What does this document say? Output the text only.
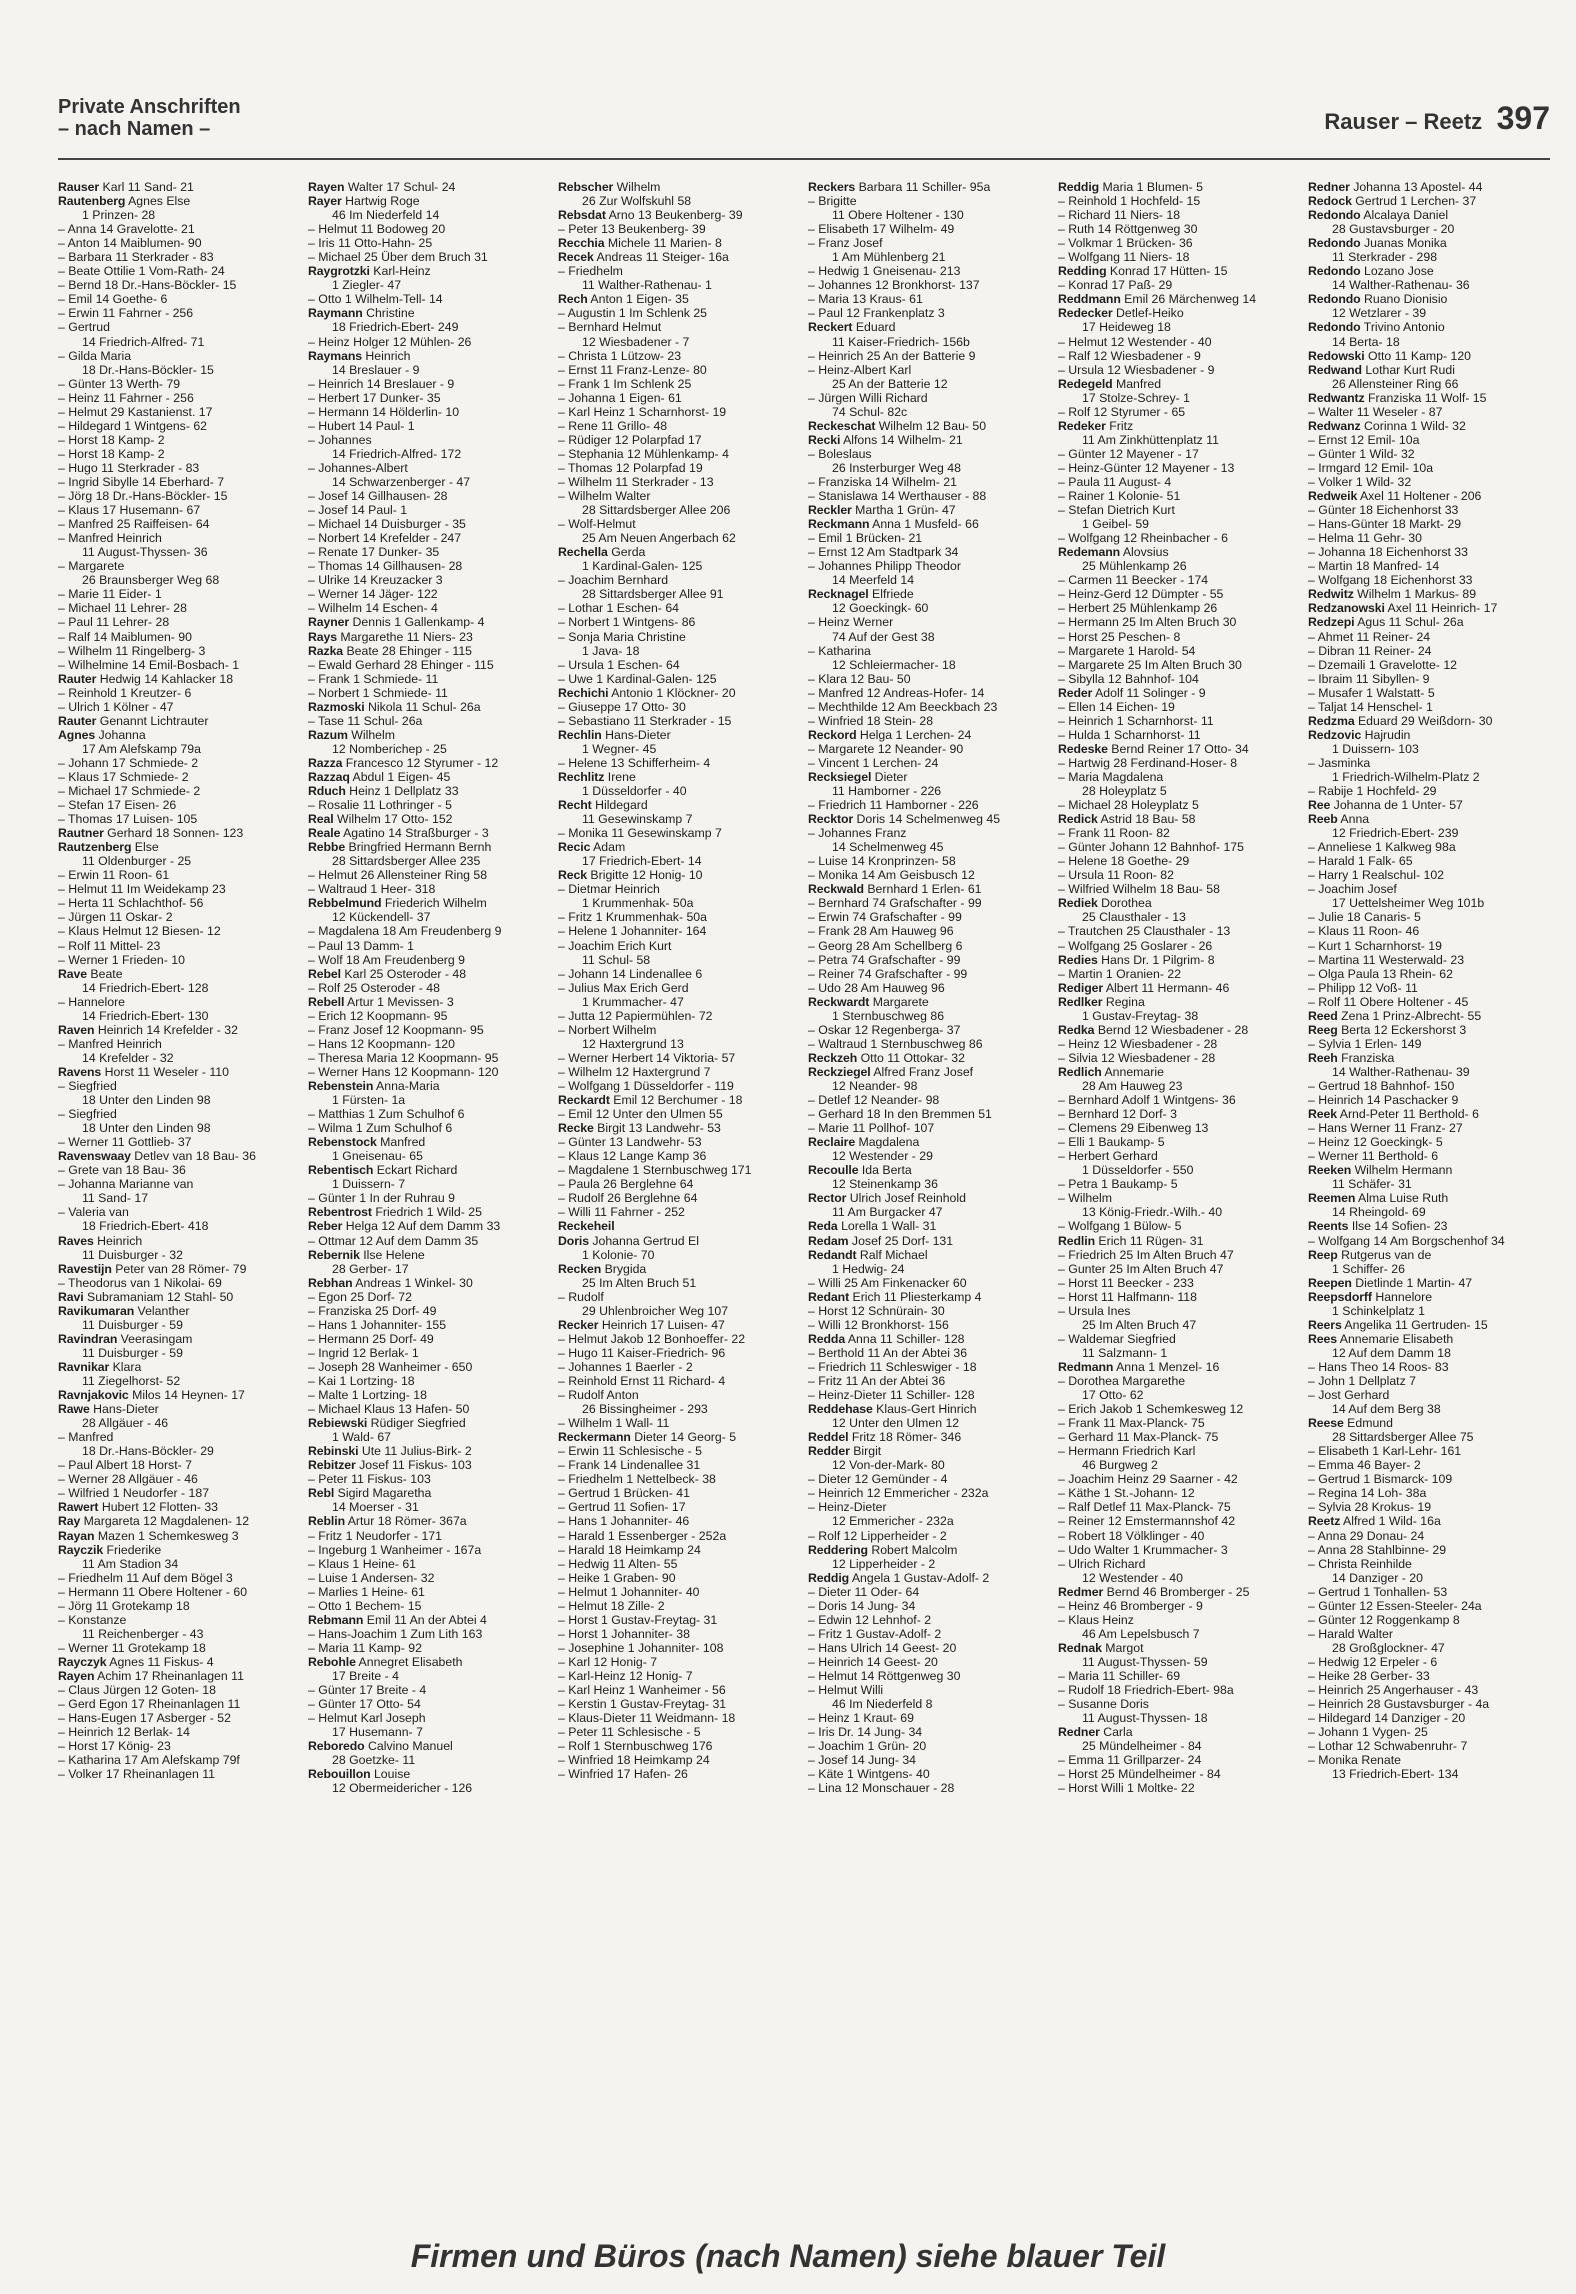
Private Anschriften
– nach Namen –	Rauser – Reetz 397
Rauser Karl 11 Sand- 21
Rautenberg Agnes Else
1 Prinzen- 28
– Anna 14 Gravelotte- 21
– Anton 14 Maiblumen- 90
– Barbara 11 Sterkrader - 83
– Beate Ottilie 1 Vom-Rath- 24
– Bernd 18 Dr.-Hans-Böckler- 15
– Emil 14 Goethe- 6
– Erwin 11 Fahrner - 256
– Gertrud
14 Friedrich-Alfred- 71
– Gilda Maria
18 Dr.-Hans-Böckler- 15
– Günter 13 Werth- 79
– Heinz 11 Fahrner - 256
– Helmut 29 Kastanienst. 17
– Hildegard 1 Wintgens- 62
– Horst 18 Kamp- 2
– Horst 18 Kamp- 2
– Hugo 11 Sterkrader - 83
– Ingrid Sibylle 14 Eberhard- 7
– Jörg 18 Dr.-Hans-Böckler- 15
– Klaus 17 Husemann- 67
– Manfred 25 Raiffeisen- 64
– Manfred Heinrich
11 August-Thyssen- 36
– Margarete
26 Braunsberger Weg 68
– Marie 11 Eider- 1
– Michael 11 Lehrer- 28
– Paul 11 Lehrer- 28
– Ralf 14 Maiblumen- 90
– Wilhelm 11 Ringelberg- 3
– Wilhelmine 14 Emil-Bosbach- 1
Rauter Hedwig 14 Kahlacker 18
– Reinhold 1 Kreutzer- 6
– Ulrich 1 Kölner - 47
Rauter Genannt Lichtrauter
Agnes Johanna
17 Am Alefskamp 79a
– Johann 17 Schmiede- 2
– Klaus 17 Schmiede- 2
– Michael 17 Schmiede- 2
– Stefan 17 Eisen- 26
– Thomas 17 Luisen- 105
Rautner Gerhard 18 Sonnen- 123
Rautzenberg Else
11 Oldenburger - 25
– Erwin 11 Roon- 61
– Helmut 11 Im Weidekamp 23
– Herta 11 Schlachthof- 56
– Jürgen 11 Oskar- 2
– Klaus Helmut 12 Biesen- 12
– Rolf 11 Mittel- 23
– Werner 1 Frieden- 10
Rave Beate
14 Friedrich-Ebert- 128
– Hannelore
14 Friedrich-Ebert- 130
Raven Heinrich 14 Krefelder - 32
– Manfred Heinrich
14 Krefelder - 32
Ravens Horst 11 Weseler - 110
– Siegfried
18 Unter den Linden 98
– Siegfried
18 Unter den Linden 98
– Werner 11 Gottlieb- 37
Ravenswaay Detlev van 18 Bau- 36
– Grete van 18 Bau- 36
– Johanna Marianne van
11 Sand- 17
– Valeria van
18 Friedrich-Ebert- 418
Raves Heinrich
11 Duisburger - 32
Ravestijn Peter van 28 Römer- 79
– Theodorus van 1 Nikolai- 69
Ravi Subramaniam 12 Stahl- 50
Ravikumaran Velanther
11 Duisburger - 59
Ravindran Veerasingam
11 Duisburger - 59
Ravnikar Klara
11 Ziegelhorst- 52
Ravnjakovic Milos 14 Heynen- 17
Rawe Hans-Dieter
28 Allgäuer - 46
– Manfred
18 Dr.-Hans-Böckler- 29
– Paul Albert 18 Horst- 7
– Werner 28 Allgäuer - 46
– Wilfried 1 Neudorfer - 187
Rawert Hubert 12 Flotten- 33
Ray Margareta 12 Magdalenen- 12
Rayan Mazen 1 Schemkesweg 3
Rayczik Friederike
11 Am Stadion 34
– Friedhelm 11 Auf dem Bögel 3
– Hermann 11 Obere Holtener - 60
– Jörg 11 Grotekamp 18
– Konstanze
11 Reichenberger - 43
– Werner 11 Grotekamp 18
Rayczyk Agnes 11 Fiskus- 4
Rayen Achim 17 Rheinanlagen 11
– Claus Jürgen 12 Goten- 18
– Gerd Egon 17 Rheinanlagen 11
– Hans-Eugen 17 Asberger - 52
– Heinrich 12 Berlak- 14
– Horst 17 König- 23
– Katharina 17 Am Alefskamp 79f
– Volker 17 Rheinanlagen 11
Rayen Walter 17 Schul- 24
Rayer Hartwig Roge
46 Im Niederfeld 14
– Helmut 11 Bodoweg 20
– Iris 11 Otto-Hahn- 25
– Michael 25 Über dem Bruch 31
Raygrotzki Karl-Heinz
1 Ziegler- 47
– Otto 1 Wilhelm-Tell- 14
Raymann Christine
18 Friedrich-Ebert- 249
– Heinz Holger 12 Mühlen- 26
Raymans Heinrich
14 Breslauer - 9
– Heinrich 14 Breslauer - 9
– Herbert 17 Dunker- 35
– Hermann 14 Hölderlin- 10
– Hubert 14 Paul- 1
– Johannes
14 Friedrich-Alfred- 172
– Johannes-Albert
14 Schwarzenberger - 47
– Josef 14 Gillhausen- 28
– Josef 14 Paul- 1
– Michael 14 Duisburger - 35
– Norbert 14 Krefelder - 247
– Renate 17 Dunker- 35
– Thomas 14 Gillhausen- 28
– Ulrike 14 Kreuzacker 3
– Werner 14 Jäger- 122
– Wilhelm 14 Eschen- 4
Rayner Dennis 1 Gallenkamp- 4
Rays Margarethe 11 Niers- 23
Razka Beate 28 Ehinger - 115
– Ewald Gerhard 28 Ehinger - 115
– Frank 1 Schmiede- 11
– Norbert 1 Schmiede- 11
Razmoski Nikola 11 Schul- 26a
– Tase 11 Schul- 26a
Razum Wilhelm
12 Nomberichер - 25
Razza Francesco 12 Styrumer - 12
Razzaq Abdul 1 Eigen- 45
Rduch Heinz 1 Dellplatz 33
– Rosalie 11 Lothringer - 5
Real Wilhelm 17 Otto- 152
Reale Agatino 14 Straßburger - 3
Rebbe Bringfried Hermann Bernh
28 Sittardsberger Allee 235
– Helmut 26 Allensteiner Ring 58
– Waltraud 1 Heer- 318
Rebbelmund Friederich Wilhelm
12 Kückendell- 37
– Magdalena 18 Am Freudenberg 9
– Paul 13 Damm- 1
– Wolf 18 Am Freudenberg 9
Rebel Karl 25 Osteroder - 48
– Rolf 25 Osteroder - 48
Rebell Artur 1 Mevissen- 3
– Erich 12 Koopmann- 95
– Franz Josef 12 Koopmann- 95
– Hans 12 Koopmann- 120
– Theresa Maria 12 Koopmann- 95
– Werner Hans 12 Koopmann- 120
Rebenstein Anna-Maria
1 Fürsten- 1a
– Matthias 1 Zum Schulhof 6
– Wilma 1 Zum Schulhof 6
Rebenstock Manfred
1 Gneisenau- 65
Rebentisch Eckart Richard
1 Duissern- 7
– Günter 1 In der Ruhrau 9
Rebentrost Friedrich 1 Wild- 25
Reber Helga 12 Auf dem Damm 33
– Ottmar 12 Auf dem Damm 35
Rebernik Ilse Helene
28 Gerber- 17
Rebhan Andreas 1 Winkel- 30
– Egon 25 Dorf- 72
– Franziska 25 Dorf- 49
– Hans 1 Johanniter- 155
– Hermann 25 Dorf- 49
– Ingrid 12 Berlak- 1
– Joseph 28 Wanheimer - 650
– Kai 1 Lortzing- 18
– Malte 1 Lortzing- 18
– Michael Klaus 13 Hafen- 50
Rebiewski Rüdiger Siegfried
1 Wald- 67
Rebinski Ute 11 Julius-Birk- 2
Rebitzer Josef 11 Fiskus- 103
– Peter 11 Fiskus- 103
Rebl Sigird Magaretha
14 Moerser - 31
Reblin Artur 18 Römer- 367a
– Fritz 1 Neudorfer - 171
– Ingeburg 1 Wanheimer - 167a
– Klaus 1 Heine- 61
– Luise 1 Andersen- 32
– Marlies 1 Heine- 61
– Otto 1 Bechem- 15
Rebmann Emil 11 An der Abtei 4
– Hans-Joachim 1 Zum Lith 163
– Maria 11 Kamp- 92
Rebohle Annegret Elisabeth
17 Breite - 4
– Günter 17 Breite - 4
– Günter 17 Otto- 54
– Helmut Karl Joseph
17 Husemann- 7
Reboredo Calvino Manuel
28 Goetzke- 11
Rebouillon Louise
12 Obermeidericher - 126
Rebscher Wilhelm
26 Zur Wolfskuhl 58
Rebsdat Arno 13 Beukenberg- 39
– Peter 13 Beukenberg- 39
Recchia Michele 11 Marien- 8
Recek Andreas 11 Steiger- 16a
– Friedhelm
11 Walther-Rathenau- 1
Rech Anton 1 Eigen- 35
– Augustin 1 Im Schlenk 25
– Bernhard Helmut
12 Wiesbadener - 7
– Christa 1 Lützow- 23
– Ernst 11 Franz-Lenze- 80
– Frank 1 Im Schlenk 25
– Johanna 1 Eigen- 61
– Karl Heinz 1 Scharnhorst- 19
– Rene 11 Grillo- 48
– Rüdiger 12 Polarpfad 17
– Stephania 12 Mühlenkamp- 4
– Thomas 12 Polarpfad 19
– Wilhelm 11 Sterkrader - 13
– Wilhelm Walter
28 Sittardsberger Allee 206
– Wolf-Helmut
25 Am Neuen Angerbach 62
Rechella Gerda
1 Kardinal-Galen- 125
– Joachim Bernhard
28 Sittardsberger Allee 91
– Lothar 1 Eschen- 64
– Norbert 1 Wintgens- 86
– Sonja Maria Christine
1 Java- 18
– Ursula 1 Eschen- 64
– Uwe 1 Kardinal-Galen- 125
Rechichi Antonio 1 Klöckner- 20
– Giuseppe 17 Otto- 30
– Sebastiano 11 Sterkrader - 15
Rechlin Hans-Dieter
1 Wegner- 45
– Helene 13 Schifferheim- 4
Rechlitz Irene
1 Düsseldorfer - 40
Recht Hildegard
11 Gesewinskamp 7
– Monika 11 Gesewinskamp 7
Recic Adam
17 Friedrich-Ebert- 14
Reck Brigitte 12 Honig- 10
– Dietmar Heinrich
1 Krummenhak- 50a
– Fritz 1 Krummenhak- 50a
– Helene 1 Johanniter- 164
– Joachim Erich Kurt
11 Schul- 58
– Johann 14 Lindenallee 6
– Julius Max Erich Gerd
1 Krummacher- 47
– Jutta 12 Papiermühlen- 72
– Norbert Wilhelm
12 Haxtergrund 13
– Werner Herbert 14 Viktoria- 57
– Wilhelm 12 Haxtergrund 7
– Wolfgang 1 Düsseldorfer - 119
Reckardt Emil 12 Berchumer - 18
– Emil 12 Unter den Ulmen 55
Recke Birgit 13 Landwehr- 53
– Günter 13 Landwehr- 53
– Klaus 12 Lange Kamp 36
– Magdalene 1 Sternbuschweg 171
– Paula 26 Berglehne 64
– Rudolf 26 Berglehne 64
– Willi 11 Fahrner - 252
Reckeheil
Doris Johanna Gertrud El
1 Kolonie- 70
Recken Brygida
25 Im Alten Bruch 51
– Rudolf
29 Uhlenbroicher Weg 107
Recker Heinrich 17 Luisen- 47
– Helmut Jakob 12 Bonhoeffer- 22
– Hugo 11 Kaiser-Friedrich- 96
– Johannes 1 Baerler - 2
– Reinhold Ernst 11 Richard- 4
– Rudolf Anton
26 Bissingheimer - 293
– Wilhelm 1 Wall- 11
Reckermann Dieter 14 Georg- 5
– Erwin 11 Schlesische - 5
– Frank 14 Lindenallee 31
– Friedhelm 1 Nettelbeck- 38
– Gertrud 1 Brücken- 41
– Gertrud 11 Sofien- 17
– Hans 1 Johanniter- 46
– Harald 1 Essenberger - 252a
– Harald 18 Heimkamp 24
– Hedwig 11 Alten- 55
– Heike 1 Graben- 90
– Helmut 1 Johanniter- 40
– Helmut 18 Zille- 2
– Horst 1 Gustav-Freytag- 31
– Horst 1 Johanniter- 38
– Josephine 1 Johanniter- 108
– Karl 12 Honig- 7
– Karl-Heinz 12 Honig- 7
– Karl Heinz 1 Wanheimer - 56
– Kerstin 1 Gustav-Freytag- 31
– Klaus-Dieter 11 Weidmann- 18
– Peter 11 Schlesische - 5
– Rolf 1 Sternbuschweg 176
– Winfried 18 Heimkamp 24
– Winfried 17 Hafen- 26
Reckers Barbara 11 Schiller- 95a
– Brigitte
11 Obere Holtener - 130
– Elisabeth 17 Wilhelm- 49
– Franz Josef
1 Am Mühlenberg 21
– Hedwig 1 Gneisenau- 213
– Johannes 12 Bronkhorst- 137
– Maria 13 Kraus- 61
– Paul 12 Frankenplatz 3
Reckert Eduard
11 Kaiser-Friedrich- 156b
– Heinrich 25 An der Batterie 9
– Heinz-Albert Karl
25 An der Batterie 12
– Jürgen Willi Richard
74 Schul- 82c
Reckeschat Wilhelm 12 Bau- 50
Recki Alfons 14 Wilhelm- 21
– Boleslaus
26 Insterburger Weg 48
– Franziska 14 Wilhelm- 21
– Stanislawa 14 Werthauser - 88
Reckler Martha 1 Grün- 47
Reckmann Anna 1 Musfeld- 66
– Emil 1 Brücken- 21
– Ernst 12 Am Stadtpark 34
– Johannes Philipp Theodor
14 Meerfeld 14
Recknagel Elfriede
12 Goeckingk- 60
– Heinz Werner
74 Auf der Gest 38
– Katharina
12 Schleiermacher- 18
– Klara 12 Bau- 50
– Manfred 12 Andreas-Hofer- 14
– Mechthilde 12 Am Beeckbach 23
– Winfried 18 Stein- 28
Reckord Helga 1 Lerchen- 24
– Margarete 12 Neander- 90
– Vincent 1 Lerchen- 24
Recksiegel Dieter
11 Hamborner - 226
– Friedrich 11 Hamborner - 226
Recktor Doris 14 Schelmenweg 45
– Johannes Franz
14 Schelmenweg 45
– Luise 14 Kronprinzen- 58
– Monika 14 Am Geisbusch 12
Reckwald Bernhard 1 Erlen- 61
– Bernhard 74 Grafschafter - 99
– Erwin 74 Grafschafter - 99
– Frank 28 Am Hauweg 96
– Georg 28 Am Schellberg 6
– Petra 74 Grafschafter - 99
– Reiner 74 Grafschafter - 99
– Udo 28 Am Hauweg 96
Reckwardt Margarete
1 Sternbuschweg 86
– Oskar 12 Regenberga- 37
– Waltraud 1 Sternbuschweg 86
Reckzeh Otto 11 Ottokar- 32
Reckziegel Alfred Franz Josef
12 Neander- 98
– Detlef 12 Neander- 98
– Gerhard 18 In den Bremmen 51
– Marie 11 Pollhof- 107
Reclaire Magdalena
12 Westender - 29
Recoulle Ida Berta
12 Steinenkamp 36
Rector Ulrich Josef Reinhold
11 Am Burgacker 47
Reda Lorella 1 Wall- 31
Redam Josef 25 Dorf- 131
Redandt Ralf Michael
1 Hedwig- 24
– Willi 25 Am Finkenacker 60
Redant Erich 11 Pliesterkamp 4
– Horst 12 Schnürain- 30
– Willi 12 Bronkhorst- 156
Redda Anna 11 Schiller- 128
– Berthold 11 An der Abtei 36
– Friedrich 11 Schleswiger - 18
– Fritz 11 An der Abtei 36
– Heinz-Dieter 11 Schiller- 128
Reddehase Klaus-Gert Hinrich
12 Unter den Ulmen 12
Reddel Fritz 18 Römer- 346
Redder Birgit
12 Von-der-Mark- 80
– Dieter 12 Gemünder - 4
– Heinrich 12 Emmericher - 232a
– Heinz-Dieter
12 Emmericher - 232a
– Rolf 12 Lipperheider - 2
Reddering Robert Malcolm
12 Lipperheider - 2
Reddig Angela 1 Gustav-Adolf- 2
– Dieter 11 Oder- 64
– Doris 14 Jung- 34
– Edwin 12 Lehnhof- 2
– Fritz 1 Gustav-Adolf- 2
– Hans Ulrich 14 Geest- 20
– Heinrich 14 Geest- 20
– Helmut 14 Röttgenweg 30
– Helmut Willi
46 Im Niederfeld 8
– Heinz 1 Kraut- 69
– Iris Dr. 14 Jung- 34
– Joachim 1 Grün- 20
– Josef 14 Jung- 34
– Käte 1 Wintgens- 40
– Lina 12 Monschauer - 28
Reddig Maria 1 Blumen- 5
– Reinhold 1 Hochfeld- 15
– Richard 11 Niers- 18
– Ruth 14 Röttgenweg 30
– Volkmar 1 Brücken- 36
– Wolfgang 11 Niers- 18
Redding Konrad 17 Hütten- 15
– Konrad 17 Paß- 29
Reddmann Emil 26 Märchenweg 14
Redecker Detlef-Heiko
17 Heideweg 18
– Helmut 12 Westender - 40
– Ralf 12 Wiesbadener - 9
– Ursula 12 Wiesbadener - 9
Redegeld Manfred
17 Stolze-Schrey- 1
– Rolf 12 Styrumer - 65
Redeker Fritz
11 Am Zinkhüttenplatz 11
– Günter 12 Mayener - 17
– Heinz-Günter 12 Mayener - 13
– Paula 11 August- 4
– Rainer 1 Kolonie- 51
– Stefan Dietrich Kurt
1 Geibel- 59
– Wolfgang 12 Rheinbacher - 6
Redemann Alovsius
25 Mühlenkamp 26
– Carmen 11 Beecker - 174
– Heinz-Gerd 12 Dümpter - 55
– Herbert 25 Mühlenkamp 26
– Hermann 25 Im Alten Bruch 30
– Horst 25 Peschen- 8
– Margarete 1 Harold- 54
– Margarete 25 Im Alten Bruch 30
– Sibylla 12 Bahnhof- 104
Reder Adolf 11 Solinger - 9
– Ellen 14 Eichen- 19
– Heinrich 1 Scharnhorst- 11
– Hulda 1 Scharnhorst- 11
Redeske Bernd Reiner 17 Otto- 34
– Hartwig 28 Ferdinand-Hoser- 8
– Maria Magdalena
28 Holeyplatz 5
– Michael 28 Holeyplatz 5
Redick Astrid 18 Bau- 58
– Frank 11 Roon- 82
– Günter Johann 12 Bahnhof- 175
– Helene 18 Goethe- 29
– Ursula 11 Roon- 82
– Wilfried Wilhelm 18 Bau- 58
Rediek Dorothea
25 Clausthaler - 13
– Trautchen 25 Clausthaler - 13
– Wolfgang 25 Goslarer - 26
Redies Hans Dr. 1 Pilgrim- 8
– Martin 1 Oranien- 22
Rediger Albert 11 Hermann- 46
Redlker Regina
1 Gustav-Freytag- 38
Redka Bernd 12 Wiesbadener - 28
– Heinz 12 Wiesbadener - 28
– Silvia 12 Wiesbadener - 28
Redlich Annemarie
28 Am Hauweg 23
– Bernhard Adolf 1 Wintgens- 36
– Bernhard 12 Dorf- 3
– Clemens 29 Eibenweg 13
– Elli 1 Baukamp- 5
– Herbert Gerhard
1 Düsseldorfer - 550
– Petra 1 Baukamp- 5
– Wilhelm
13 König-Friedr.-Wilh.- 40
– Wolfgang 1 Bülow- 5
Redlin Erich 11 Rügen- 31
– Friedrich 25 Im Alten Bruch 47
– Gunter 25 Im Alten Bruch 47
– Horst 11 Beecker - 233
– Horst 11 Halfmann- 118
– Ursula Ines
25 Im Alten Bruch 47
– Waldemar Siegfried
11 Salzmann- 1
Redmann Anna 1 Menzel- 16
– Dorothea Margarethe
17 Otto- 62
– Erich Jakob 1 Schemkesweg 12
– Frank 11 Max-Planck- 75
– Gerhard 11 Max-Planck- 75
– Hermann Friedrich Karl
46 Burgweg 2
– Joachim Heinz 29 Saarner - 42
– Käthe 1 St.-Johann- 12
– Ralf Detlef 11 Max-Planck- 75
– Reiner 12 Emstermannshof 42
– Robert 18 Völklinger - 40
– Udo Walter 1 Krummacher- 3
– Ulrich Richard
12 Westender - 40
Redmer Bernd 46 Bromberger - 25
– Heinz 46 Bromberger - 9
– Klaus Heinz
46 Am Lepelsbusch 7
Rednak Margot
11 August-Thyssen- 59
– Maria 11 Schiller- 69
– Rudolf 18 Friedrich-Ebert- 98a
– Susanne Doris
11 August-Thyssen- 18
Redner Carla
25 Mündelheimer - 84
– Emma 11 Grillparzer- 24
– Horst 25 Mündelheimer - 84
– Horst Willi 1 Moltke- 22
Redner Johanna 13 Apostel- 44
Redock Gertrud 1 Lerchen- 37
Redondo Alcalaya Daniel
28 Gustavsburger - 20
Redondo Juanas Monika
11 Sterkrader - 298
Redondo Lozano Jose
14 Walther-Rathenau- 36
Redondo Ruano Dionisio
12 Wetzlarer - 39
Redondo Trivino Antonio
14 Berta- 18
Redowski Otto 11 Kamp- 120
Redwand Lothar Kurt Rudi
26 Allensteiner Ring 66
Redwantz Franziska 11 Wolf- 15
– Walter 11 Weseler - 87
Redwanz Corinna 1 Wild- 32
– Ernst 12 Emil- 10a
– Günter 1 Wild- 32
– Irmgard 12 Emil- 10a
– Volker 1 Wild- 32
Redweik Axel 11 Holtener - 206
– Günter 18 Eichenhorst 33
– Hans-Günter 18 Markt- 29
– Helma 11 Gehr- 30
– Johanna 18 Eichenhorst 33
– Martin 18 Manfred- 14
– Wolfgang 18 Eichenhorst 33
Redwitz Wilhelm 1 Markus- 89
Redzanowski Axel 11 Heinrich- 17
Redzepi Agus 11 Schul- 26a
– Ahmet 11 Reiner- 24
– Dibran 11 Reiner- 24
– Dzemaili 1 Gravelotte- 12
– Ibraim 11 Sibyllen- 9
– Musafer 1 Walstatt- 5
– Taljat 14 Henschel- 1
Redzma Eduard 29 Weißdorn- 30
Redzovic Hajrudin
1 Duissern- 103
– Jasminka
1 Friedrich-Wilhelm-Platz 2
– Rabije 1 Hochfeld- 29
Ree Johanna de 1 Unter- 57
Reeb Anna
12 Friedrich-Ebert- 239
– Anneliese 1 Kalkweg 98a
– Harald 1 Falk- 65
– Harry 1 Realschul- 102
– Joachim Josef
17 Uettelsheimer Weg 101b
– Julie 18 Canaris- 5
– Klaus 11 Roon- 46
– Kurt 1 Scharnhorst- 19
– Martina 11 Westerwald- 23
– Olga Paula 13 Rhein- 62
– Philipp 12 Voß- 11
– Rolf 11 Obere Holtener - 45
Reed Zena 1 Prinz-Albrecht- 55
Reeg Berta 12 Eckershorst 3
– Sylvia 1 Erlen- 149
Reeh Franziska
14 Walther-Rathenau- 39
– Gertrud 18 Bahnhof- 150
– Heinrich 14 Paschacker 9
Reek Arnd-Peter 11 Berthold- 6
– Hans Werner 11 Franz- 27
– Heinz 12 Goeckingk- 5
– Werner 11 Berthold- 6
Reeken Wilhelm Hermann
11 Schäfer- 31
Reemen Alma Luise Ruth
14 Rheingold- 69
Reents Ilse 14 Sofien- 23
– Wolfgang 14 Am Borgschenhof 34
Reep Rutgerus van de
1 Schiffer- 26
Reepen Dietlinde 1 Martin- 47
Reepsdorff Hannelore
1 Schinkelplatz 1
Reers Angelika 11 Gertruden- 15
Rees Annemarie Elisabeth
12 Auf dem Damm 18
– Hans Theo 14 Roos- 83
– John 1 Dellplatz 7
– Jost Gerhard
14 Auf dem Berg 38
Reese Edmund
28 Sittardsberger Allee 75
– Elisabeth 1 Karl-Lehr- 161
– Emma 46 Bayer- 2
– Gertrud 1 Bismarck- 109
– Regina 14 Loh- 38a
– Sylvia 28 Krokus- 19
Reetz Alfred 1 Wild- 16a
– Anna 29 Donau- 24
– Anna 28 Stahlbinne- 29
– Christa Reinhilde
14 Danziger - 20
– Gertrud 1 Tonhallen- 53
– Günter 12 Essen-Steeler- 24a
– Günter 12 Roggenkamp 8
– Harald Walter
28 Großglockner- 47
– Hedwig 12 Erpeler - 6
– Heike 28 Gerber- 33
– Heinrich 25 Angerhauser - 43
– Heinrich 28 Gustavsburger - 4a
– Hildegard 14 Danziger - 20
– Johann 1 Vygen- 25
– Lothar 12 Schwabenruhr- 7
– Monika Renate
13 Friedrich-Ebert- 134
Firmen und Büros (nach Namen) siehe blauer Teil
